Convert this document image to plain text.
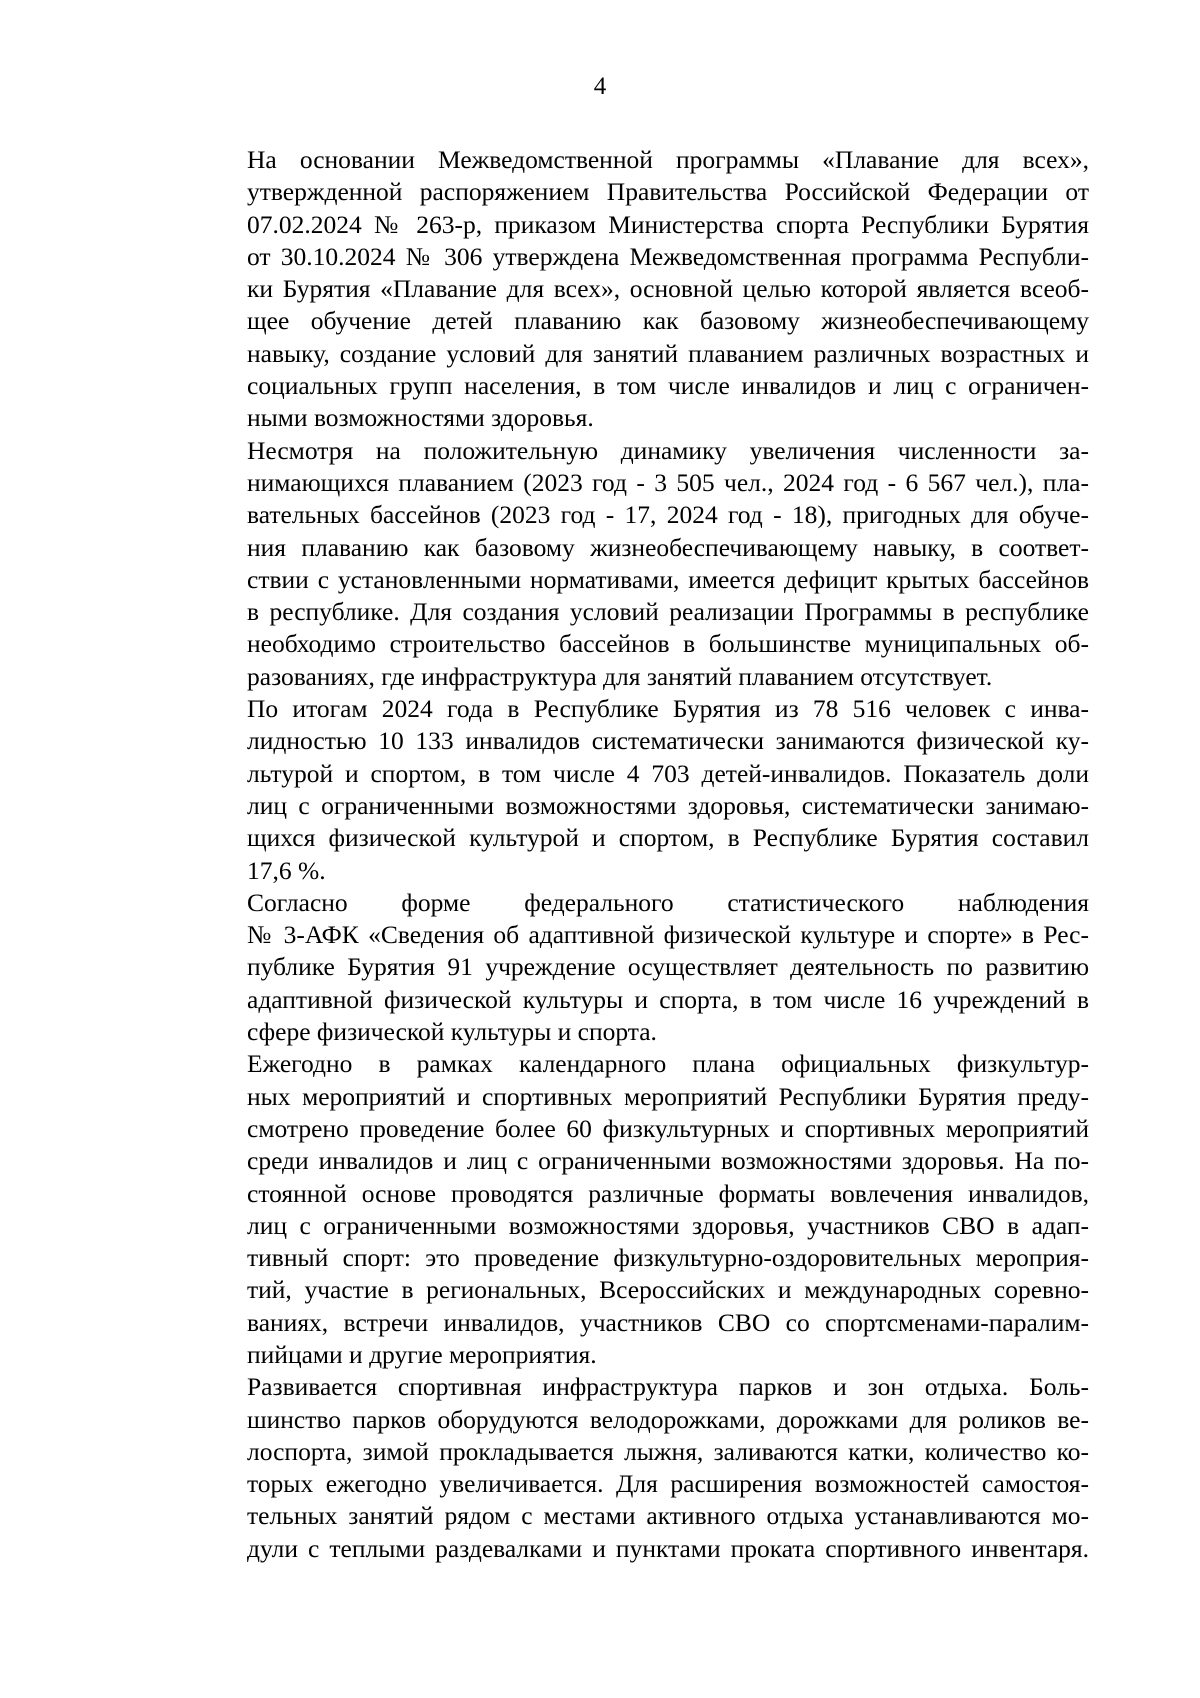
4

На основании Межведомственной программы «Плавание для всех»,
утвержденной распоряжением Правительства Российской Федерации от
07.02.2024 № 263-р, приказом Министерства спорта Республики Бурятия
от 30.10.2024 № 306 утверждена Межведомственная программа Республи-
ки Бурятия «Плавание для всех», основной целью которой является всеоб-
щее обучение детей плаванию как базовому жизнеобеспечивающему
навыку, создание условий для занятий плаванием различных возрастных и
социальных групп населения, в том числе инвалидов и лиц с ограничен-
ными возможностями здоровья.

Несмотря на положительную динамику увеличения численности за-
нимающихся плаванием (2023 год - 3 505 чел., 2024 год - 6 567 чел.), пла-
вательных бассейнов (2023 год - 17, 2024 год - 18), пригодных для обуче-
ния плаванию как базовому жизнеобеспечивающему навыку, в соответ-
ствии с установленными нормативами, имеется дефицит крытых бассейнов
в республике. Для создания условий реализации Программы в республике
необходимо строительство бассейнов в большинстве муниципальных об-
разованиях, где инфраструктура для занятий плаванием отсутствует.

По итогам 2024 года в Республике Бурятия из 78 516 человек с инва-
лидностью 10 133 инвалидов систематически занимаются физической ку-
льтурой и спортом, в том числе 4 703 детей-инвалидов. Показатель доли
лиц с ограниченными возможностями здоровья, систематически занимаю-
щихся физической культурой и спортом, в Республике Бурятия составил
17,6 %.

Согласно форме федерального статистического наблюдения
№ 3-АФК «Сведения об адаптивной физической культуре и спорте» в Рес-
публике Бурятия 91 учреждение осуществляет деятельность по развитию
адаптивной физической культуры и спорта, в том числе 16 учреждений в
сфере физической культуры и спорта.

Ежегодно в рамках календарного плана официальных физкультур-
ных мероприятий и спортивных мероприятий Республики Бурятия преду-
смотрено проведение более 60 физкультурных и спортивных мероприятий
среди инвалидов и лиц с ограниченными возможностями здоровья. На по-
стоянной основе проводятся различные форматы вовлечения инвалидов,
лиц с ограниченными возможностями здоровья, участников СВО в адап-
тивный спорт: это проведение физкультурно-оздоровительных мероприя-
тий, участие в региональных, Всероссийских и международных соревно-
ваниях, встречи инвалидов, участников СВО со спортсменами-паралим-
пийцами и другие мероприятия.

Развивается спортивная инфраструктура парков и зон отдыха. Боль-
шинство парков оборудуются велодорожками, дорожками для роликов ве-
лоспорта, зимой прокладывается лыжня, заливаются катки, количество ко-
торых ежегодно увеличивается. Для расширения возможностей самостоя-
тельных занятий рядом с местами активного отдыха устанавливаются мо-
дули с теплыми раздевалками и пунктами проката спортивного инвентаря.
